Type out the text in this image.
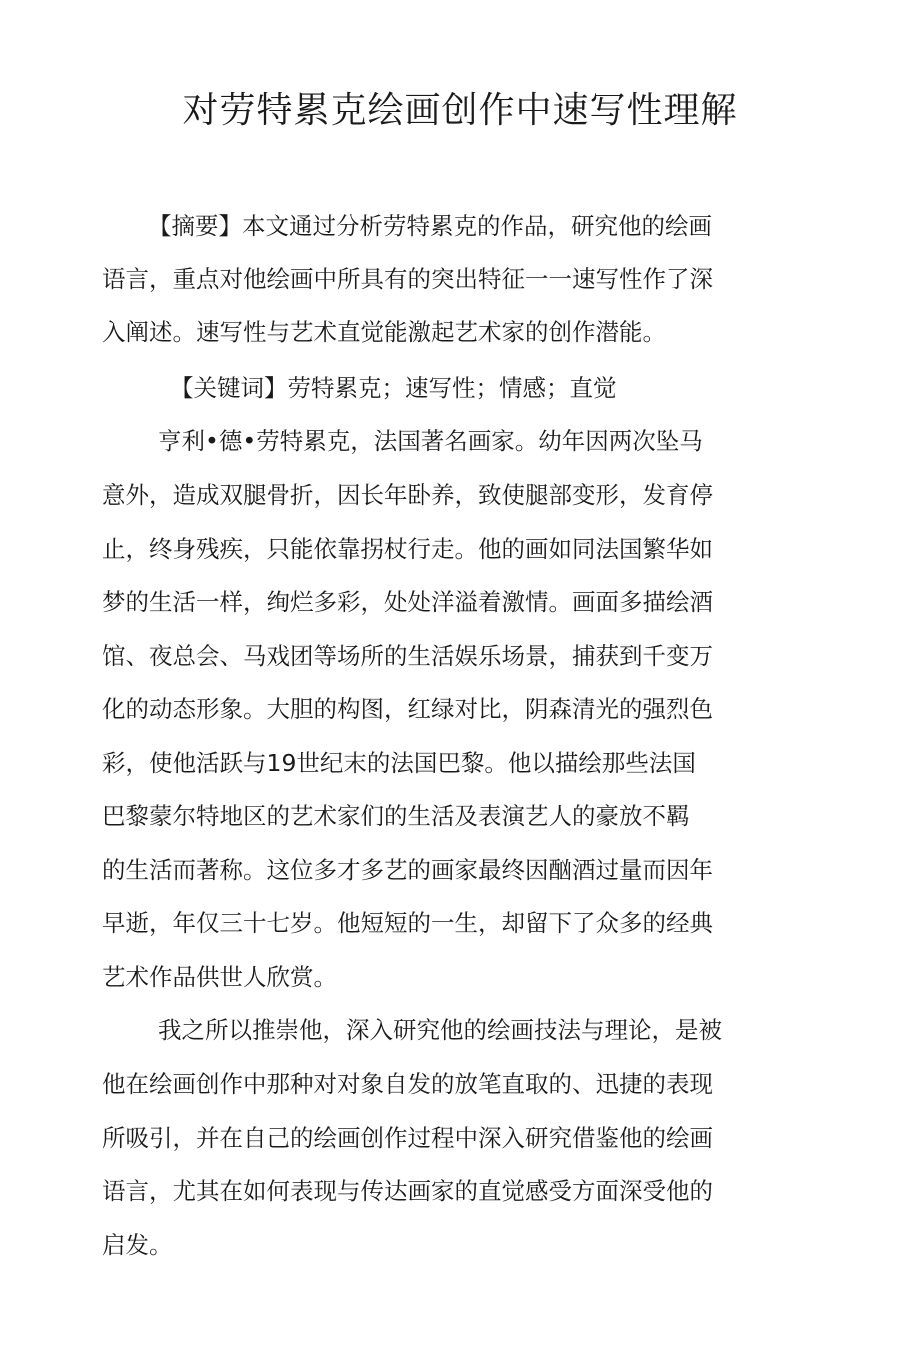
对劳特累克绘画创作中速写性理解
【摘要】本文通过分析劳特累克的作品，研究他的绘画
语言，重点对他绘画中所具有的突出特征一一速写性作了深
入阐述。速写性与艺术直觉能激起艺术家的创作潜能。
【关键词】劳特累克；速写性；情感；直觉
亨利•德•劳特累克，法国著名画家。幼年因两次坠马
意外，造成双腿骨折，因长年卧养，致使腿部变形，发育停
止，终身残疾，只能依靠拐杖行走。他的画如同法国繁华如
梦的生活一样，绚烂多彩，处处洋溢着激情。画面多描绘酒
馆、夜总会、马戏团等场所的生活娱乐场景，捕获到千变万
化的动态形象。大胆的构图，红绿对比，阴森清光的强烈色
彩，使他活跃与19世纪末的法国巴黎。他以描绘那些法国
巴黎蒙尔特地区的艺术家们的生活及表演艺人的豪放不羁
的生活而著称。这位多才多艺的画家最终因酗酒过量而因年
早逝，年仅三十七岁。他短短的一生，却留下了众多的经典
艺术作品供世人欣赏。
我之所以推崇他，深入研究他的绘画技法与理论，是被
他在绘画创作中那种对对象自发的放笔直取的、迅捷的表现
所吸引，并在自己的绘画创作过程中深入研究借鉴他的绘画
语言，尤其在如何表现与传达画家的直觉感受方面深受他的
启发。
